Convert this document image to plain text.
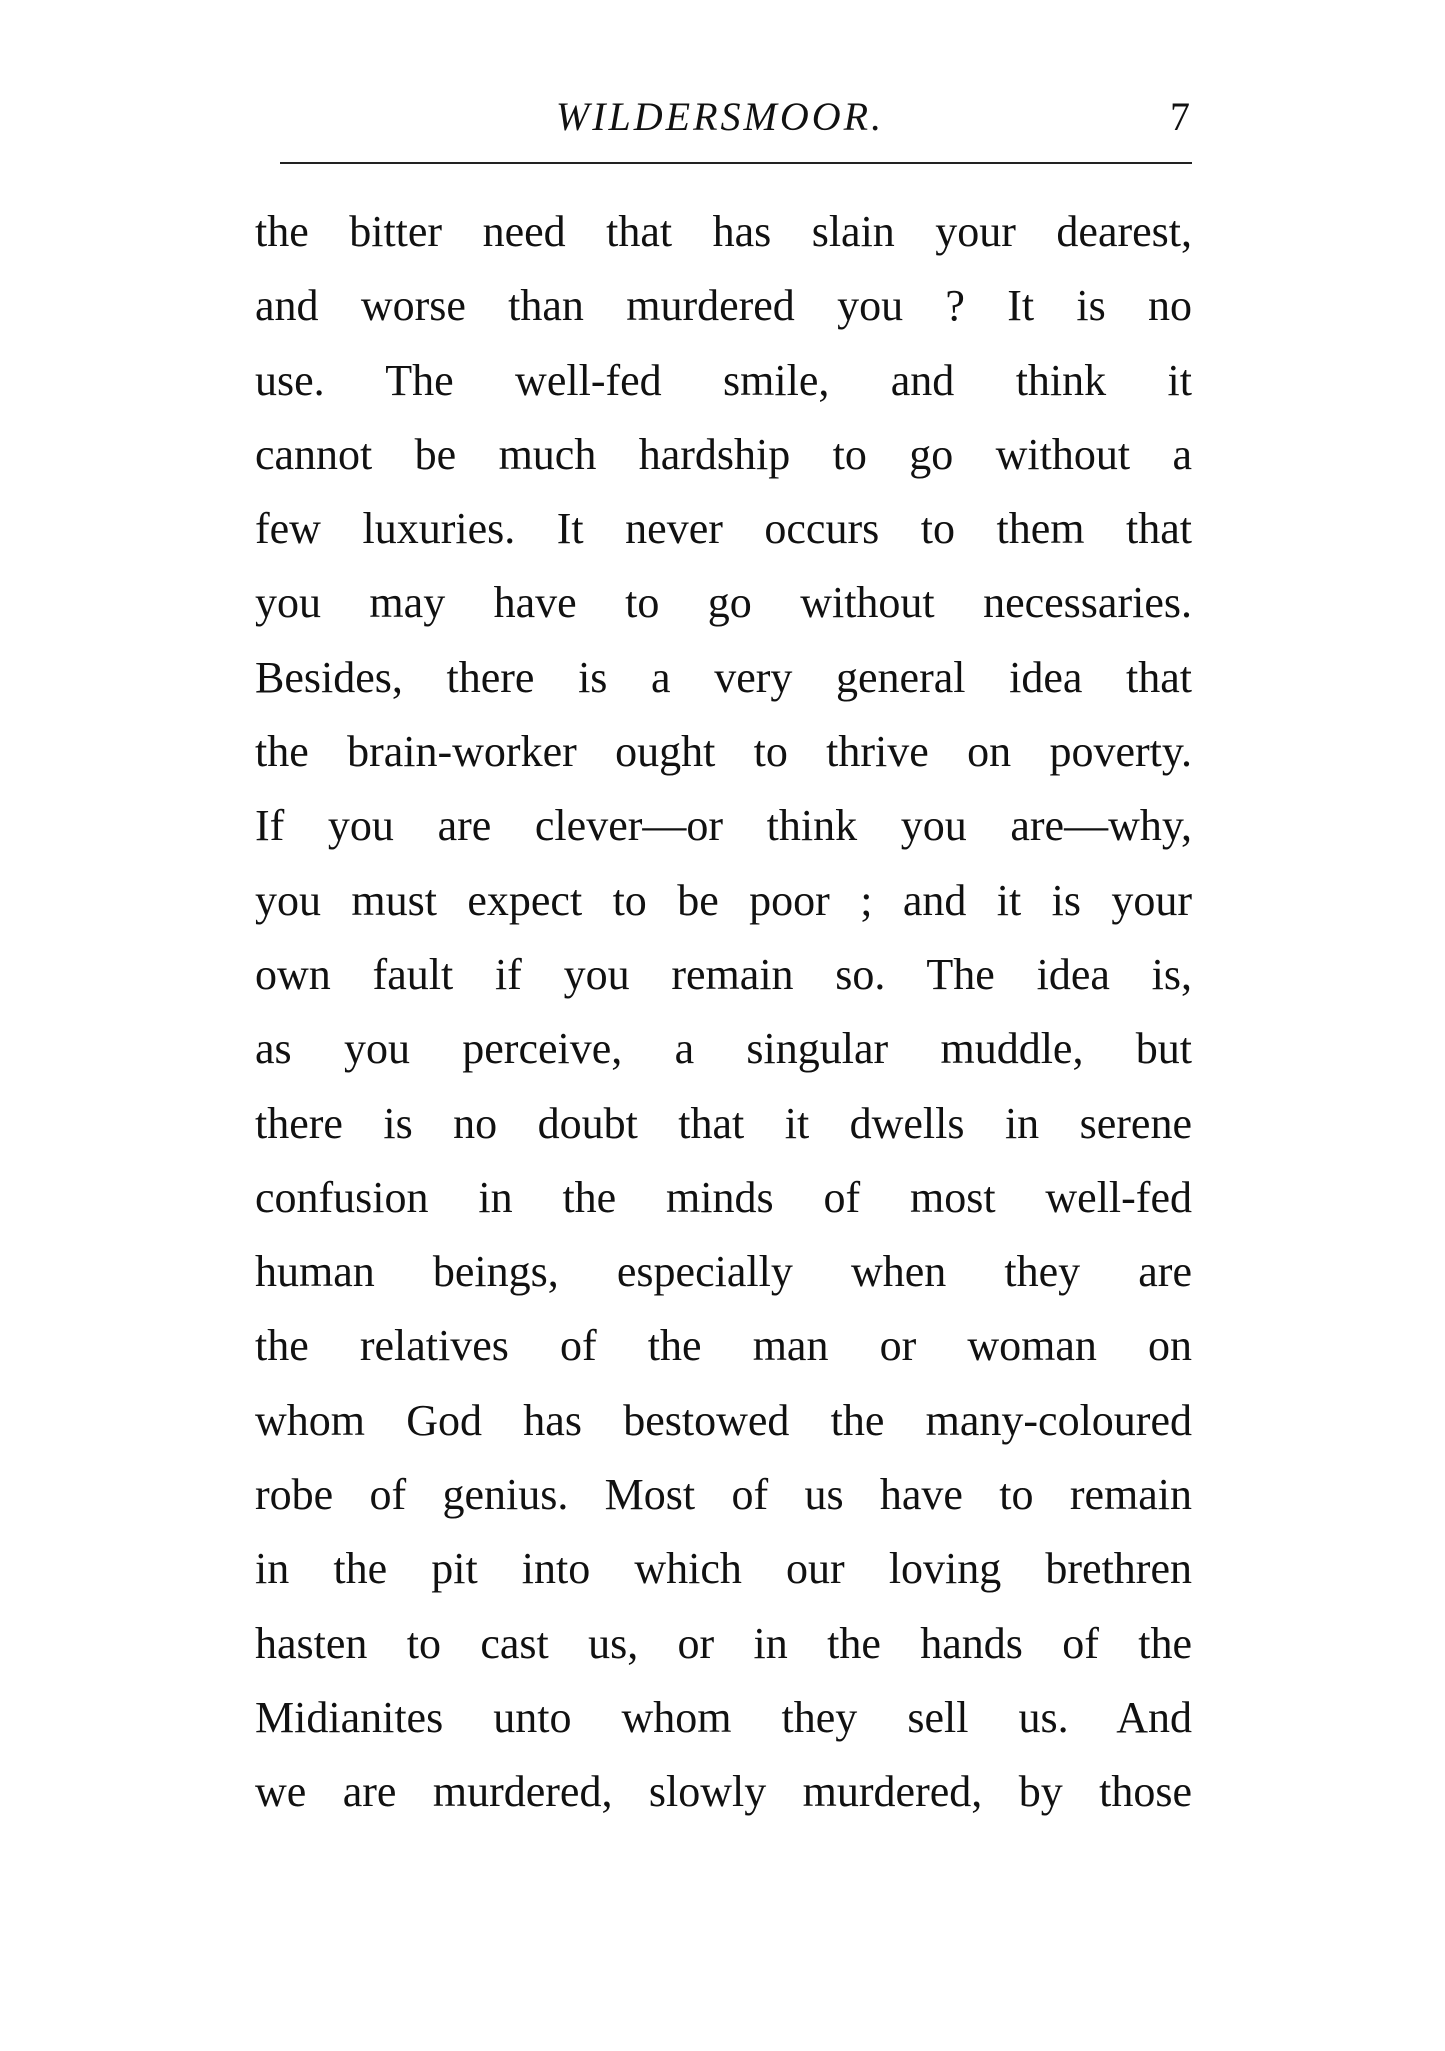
WILDERSMOOR.	7
the bitter need that has slain your dearest,
and worse than murdered you ? It is no
use. The well-fed smile, and think it
cannot be much hardship to go without a
few luxuries. It never occurs to them that
you may have to go without necessaries.
Besides, there is a very general idea that
the brain-worker ought to thrive on poverty.
If you are clever—or think you are—why,
you must expect to be poor ; and it is your
own fault if you remain so. The idea is,
as you perceive, a singular muddle, but
there is no doubt that it dwells in serene
confusion in the minds of most well-fed
human beings, especially when they are
the relatives of the man or woman on
whom God has bestowed the many-coloured
robe of genius. Most of us have to remain
in the pit into which our loving brethren
hasten to cast us, or in the hands of the
Midianites unto whom they sell us. And
we are murdered, slowly murdered, by those
